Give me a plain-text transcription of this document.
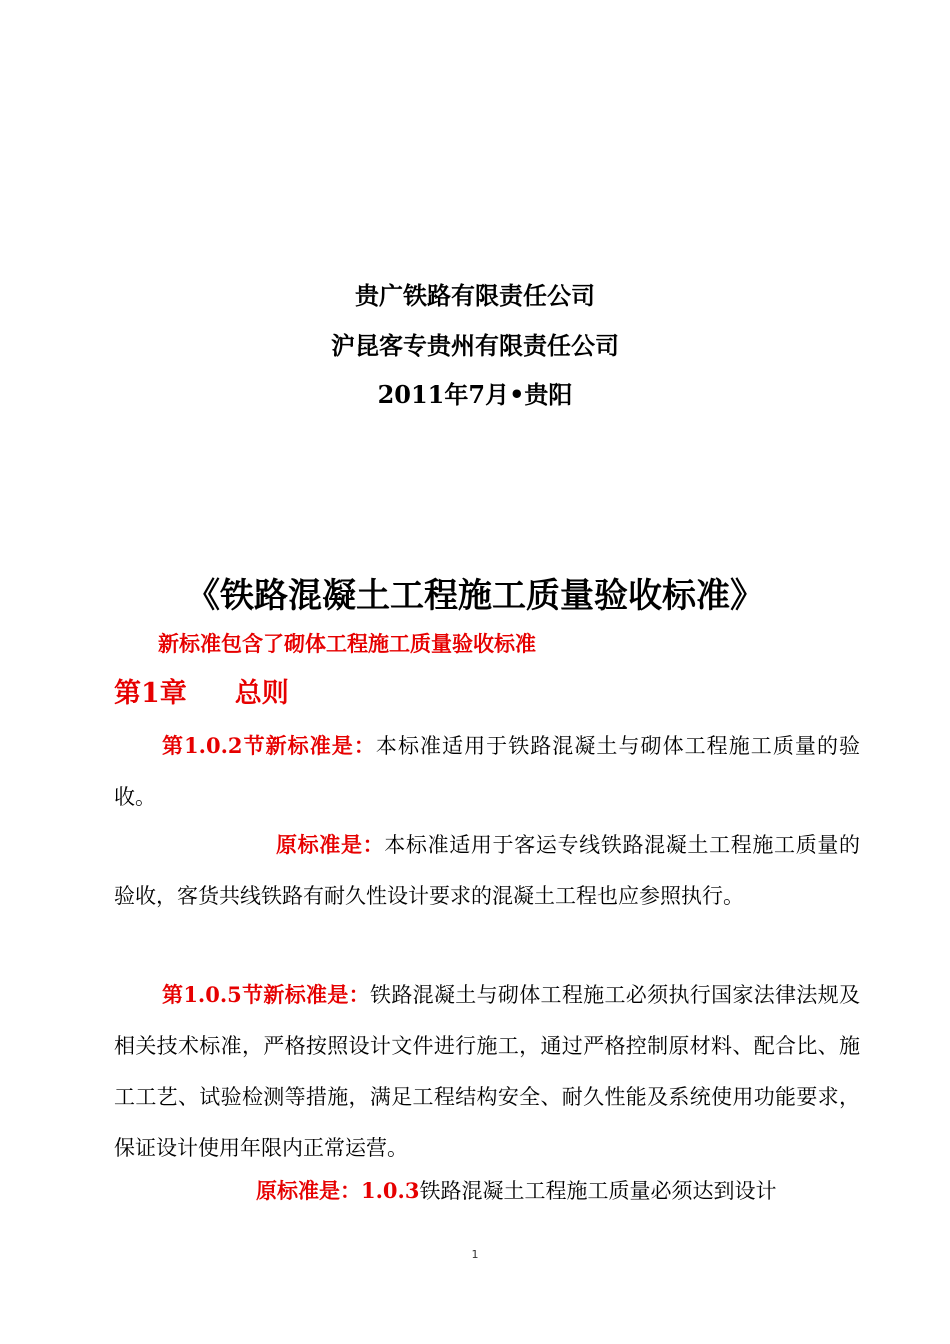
贵广铁路有限责任公司
沪昆客专贵州有限责任公司
2011年7月•贵阳
《铁路混凝土工程施工质量验收标准》
新标准包含了砌体工程施工质量验收标准
第1章 总则
第1.0.2节新标准是：本标准适用于铁路混凝土与砌体工程施工质量的验收。
原标准是：本标准适用于客运专线铁路混凝土工程施工质量的验收，客货共线铁路有耐久性设计要求的混凝土工程也应参照执行。
第1.0.5节新标准是：铁路混凝土与砌体工程施工必须执行国家法律法规及相关技术标准，严格按照设计文件进行施工，通过严格控制原材料、配合比、施工工艺、试验检测等措施，满足工程结构安全、耐久性能及系统使用功能要求，保证设计使用年限内正常运营。
原标准是：1.0.3铁路混凝土工程施工质量必须达到设计
1
